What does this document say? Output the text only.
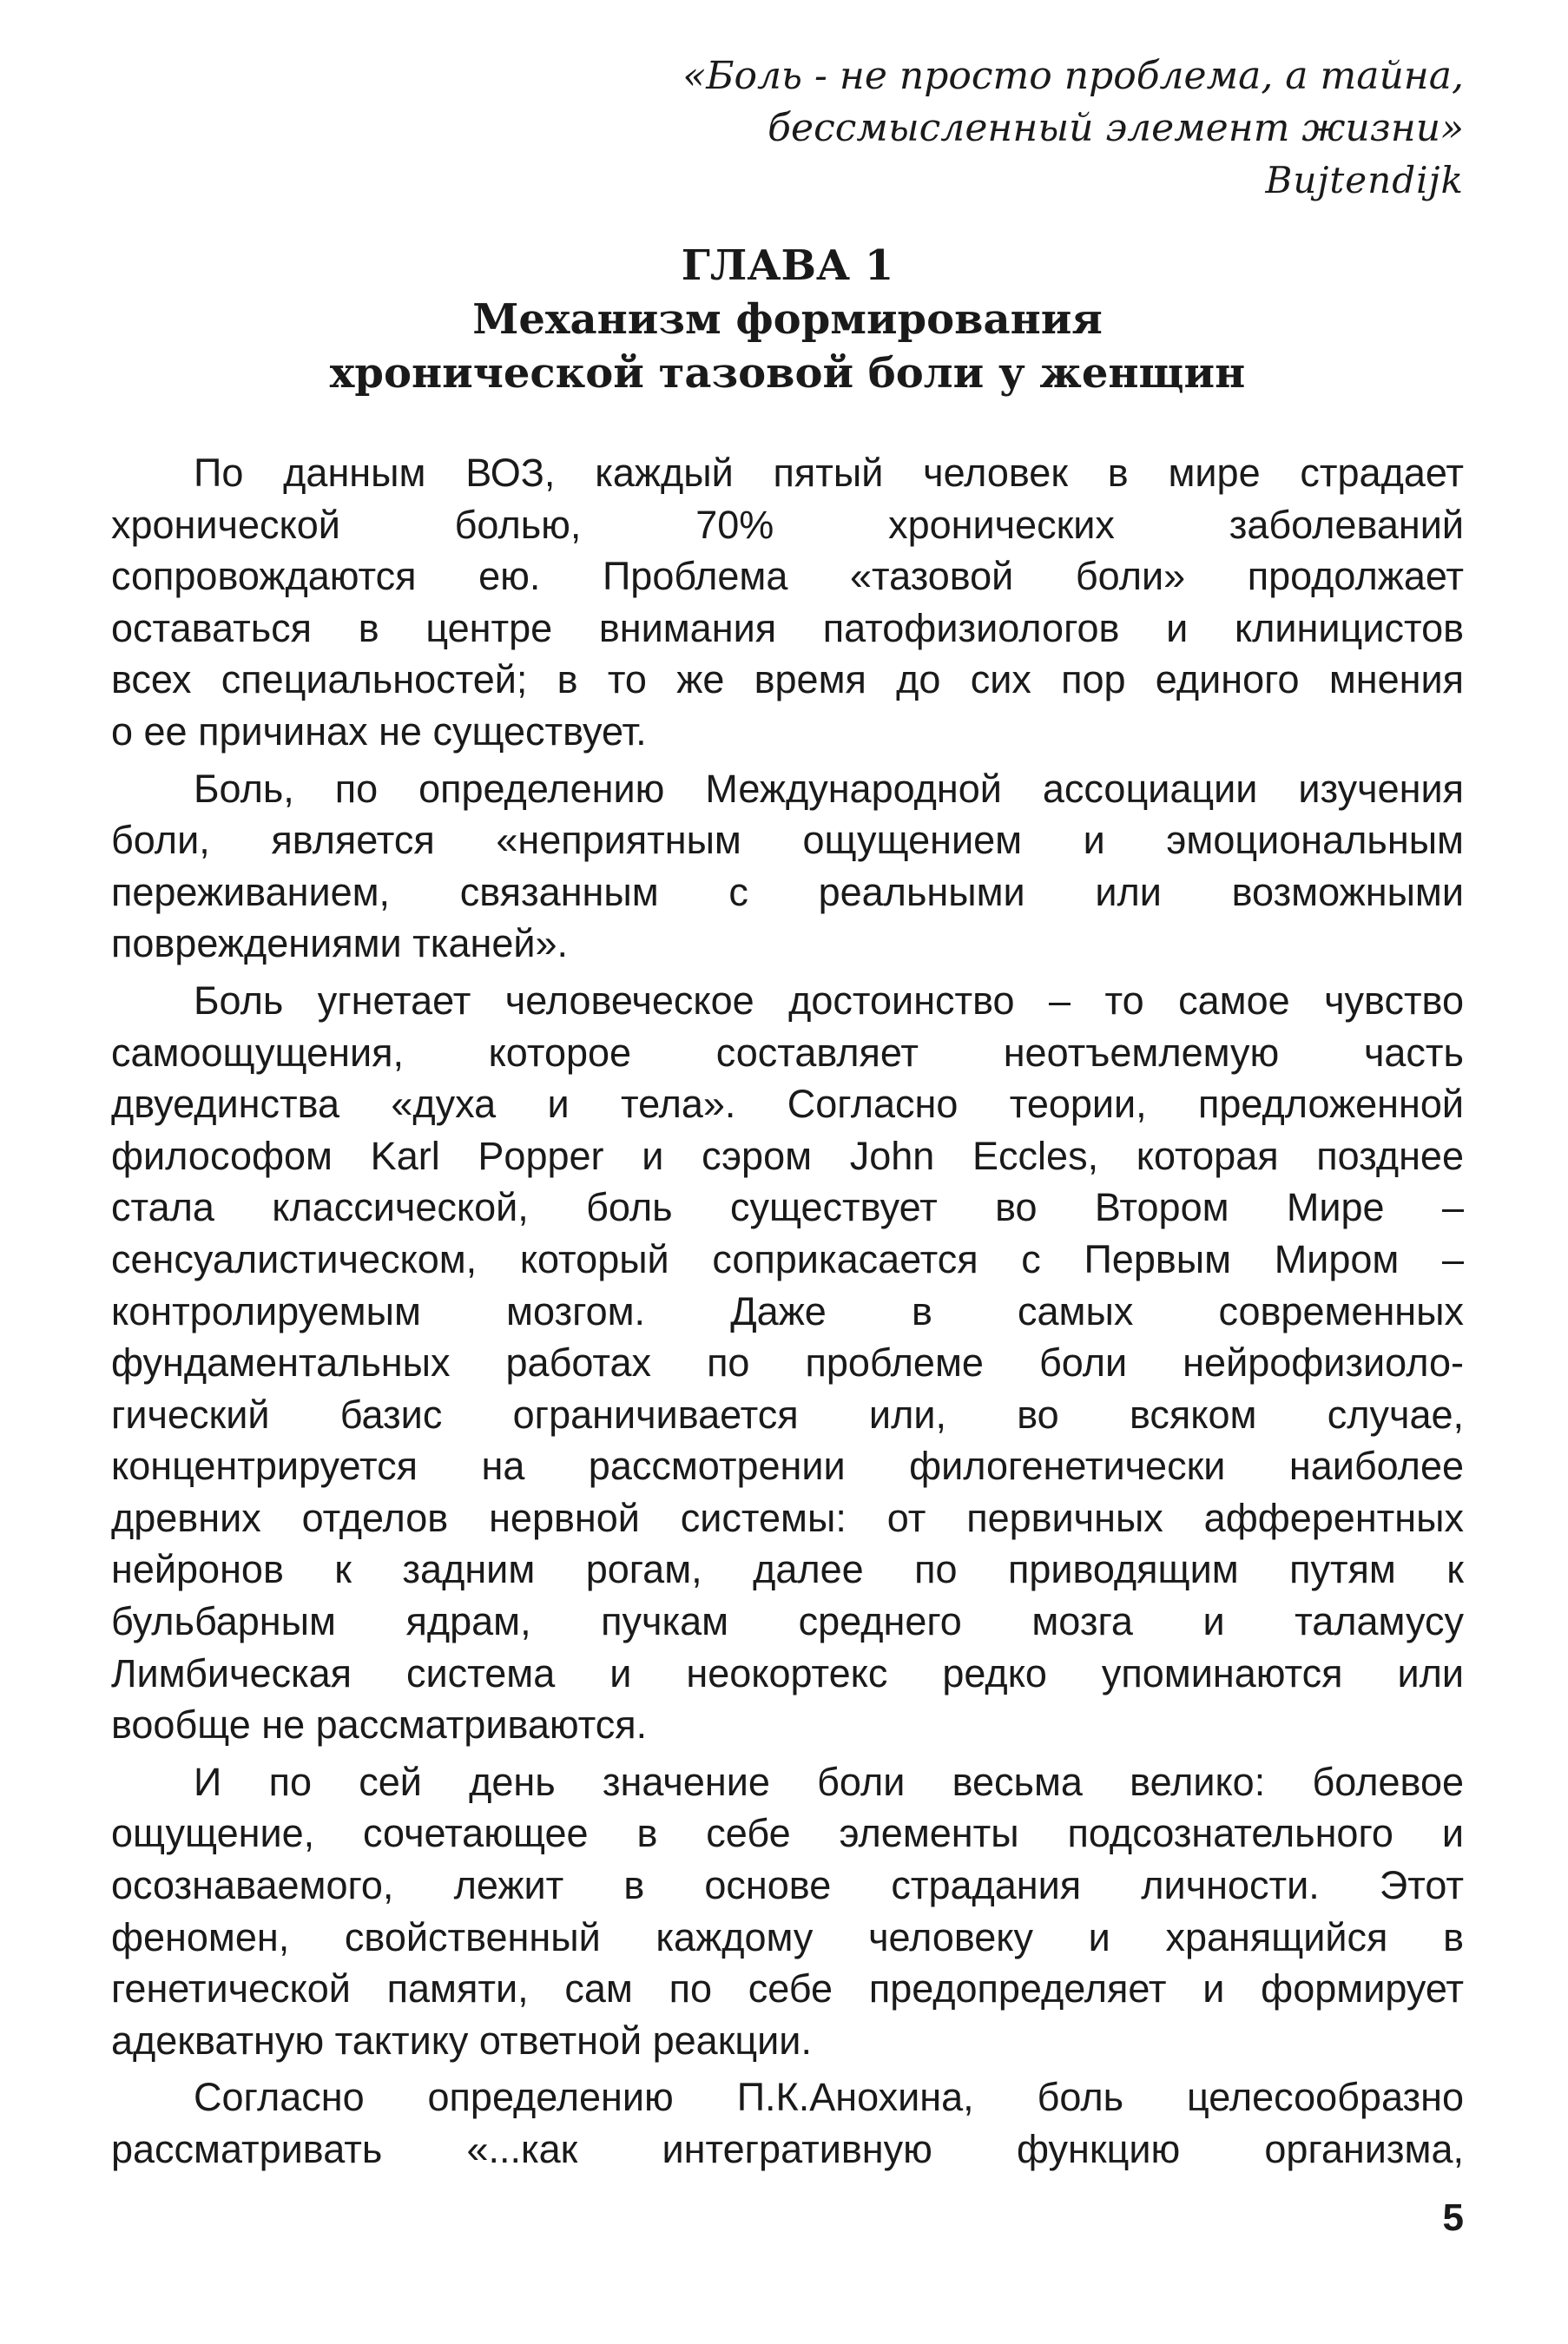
«Боль - не просто проблема, а тайна,
бессмысленный элемент жизни»
Bujtendijk
ГЛАВА 1
Механизм формирования
хронической тазовой боли у женщин
По данным ВОЗ, каждый пятый человек в мире страдает
хронической болью, 70% хронических заболеваний
сопровождаются ею. Проблема «тазовой боли» продолжает
оставаться в центре внимания патофизиологов и клиницистов
всех специальностей; в то же время до сих пор единого мнения
о ее причинах не существует.
Боль, по определению Международной ассоциации изучения
боли, является «неприятным ощущением и эмоциональным
переживанием, связанным с реальными или возможными
повреждениями тканей».
Боль угнетает человеческое достоинство – то самое чувство
самоощущения, которое составляет неотъемлемую часть
двуединства «духа и тела». Согласно теории, предложенной
философом Karl Popper и сэром John Eccles, которая позднее
стала классической, боль существует во Втором Мире –
сенсуалистическом, который соприкасается с Первым Миром –
контролируемым мозгом. Даже в самых современных
фундаментальных работах по проблеме боли нейрофизиоло-
гический базис ограничивается или, во всяком случае,
концентрируется на рассмотрении филогенетически наиболее
древних отделов нервной системы: от первичных афферентных
нейронов к задним рогам, далее по приводящим путям к
бульбарным ядрам, пучкам среднего мозга и таламусу
Лимбическая система и неокортекс редко упоминаются или
вообще не рассматриваются.
И по сей день значение боли весьма велико: болевое
ощущение, сочетающее в себе элементы подсознательного и
осознаваемого, лежит в основе страдания личности. Этот
феномен, свойственный каждому человеку и хранящийся в
генетической памяти, сам по себе предопределяет и формирует
адекватную тактику ответной реакции.
Согласно определению П.К.Анохина, боль целесообразно
рассматривать «...как интегративную функцию организма,
5
